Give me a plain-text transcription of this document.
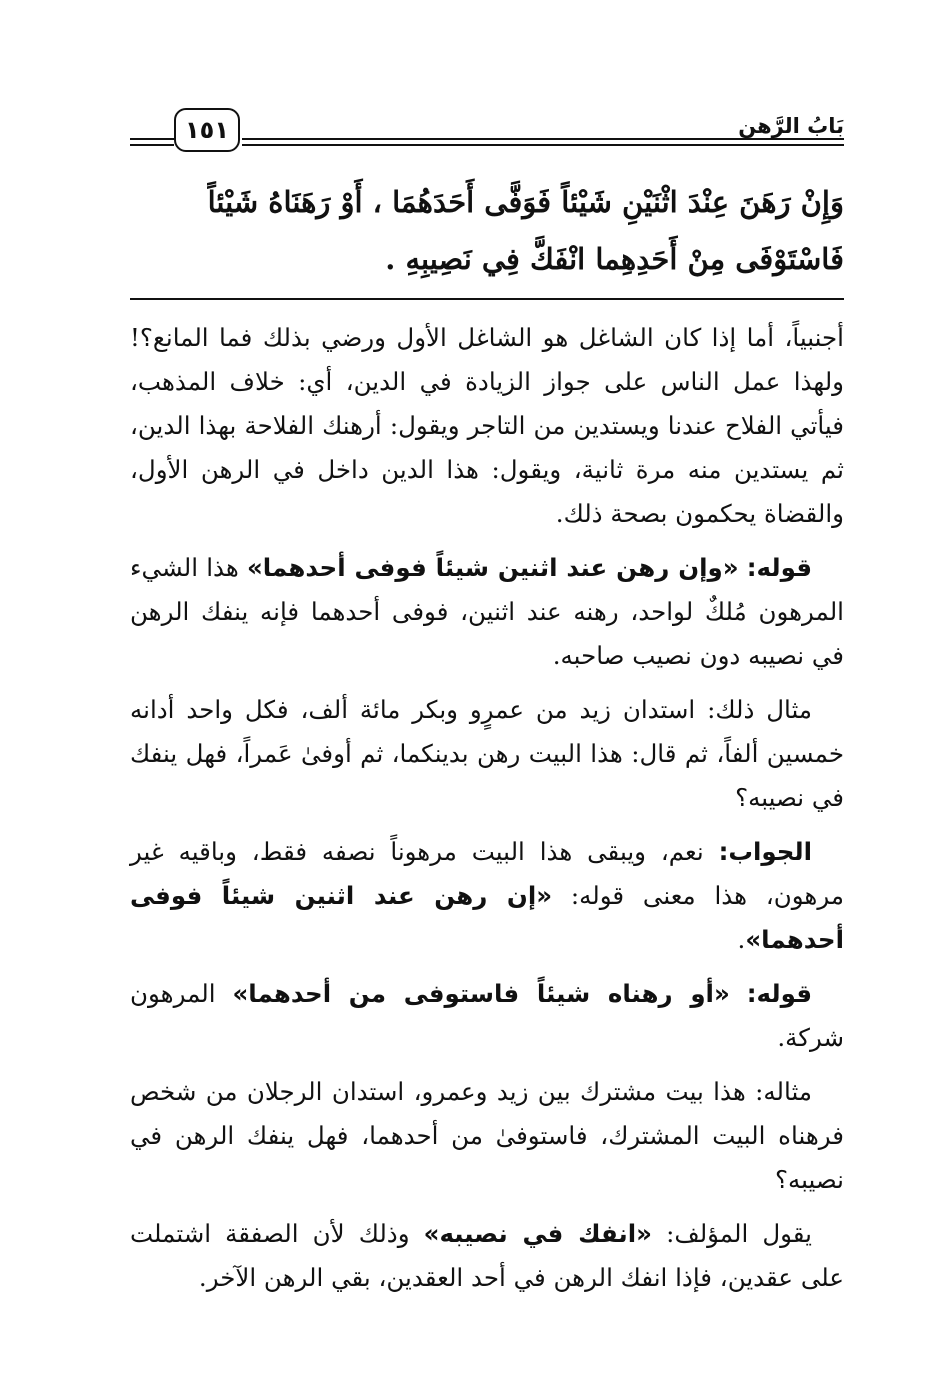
بَابُ الرَّهن
١٥١
وَإِنْ رَهَنَ عِنْدَ اثْنَيْنِ شَيْئاً فَوَفَّى أَحَدَهُمَا ، أَوْ رَهَنَاهُ شَيْئاً
فَاسْتَوْفَى مِنْ أَحَدِهِما انْفَكَّ فِي نَصِيبِهِ .

أجنبياً، أما إذا كان الشاغل هو الشاغل الأول ورضي بذلك فما المانع؟! ولهذا عمل الناس على جواز الزيادة في الدين، أي: خلاف المذهب، فيأتي الفلاح عندنا ويستدين من التاجر ويقول: أرهنك الفلاحة بهذا الدين، ثم يستدين منه مرة ثانية، ويقول: هذا الدين داخل في الرهن الأول، والقضاة يحكمون بصحة ذلك.

قوله: «وإن رهن عند اثنين شيئاً فوفى أحدهما» هذا الشيء المرهون مُلكٌ لواحد، رهنه عند اثنين، فوفى أحدهما فإنه ينفك الرهن في نصيبه دون نصيب صاحبه.

مثال ذلك: استدان زيد من عمرٍو وبكر مائة ألف، فكل واحد أدانه خمسين ألفاً، ثم قال: هذا البيت رهن بدينكما، ثم أوفىٰ عَمراً، فهل ينفك في نصيبه؟

الجواب: نعم، ويبقى هذا البيت مرهوناً نصفه فقط، وباقيه غير مرهون، هذا معنى قوله: «إن رهن عند اثنين شيئاً فوفى أحدهما».

قوله: «أو رهناه شيئاً فاستوفى من أحدهما» المرهون شركة.

مثاله: هذا بيت مشترك بين زيد وعمرو، استدان الرجلان من شخص فرهناه البيت المشترك، فاستوفىٰ من أحدهما، فهل ينفك الرهن في نصيبه؟

يقول المؤلف: «انفك في نصيبه» وذلك لأن الصفقة اشتملت على عقدين، فإذا انفك الرهن في أحد العقدين، بقي الرهن الآخر.
